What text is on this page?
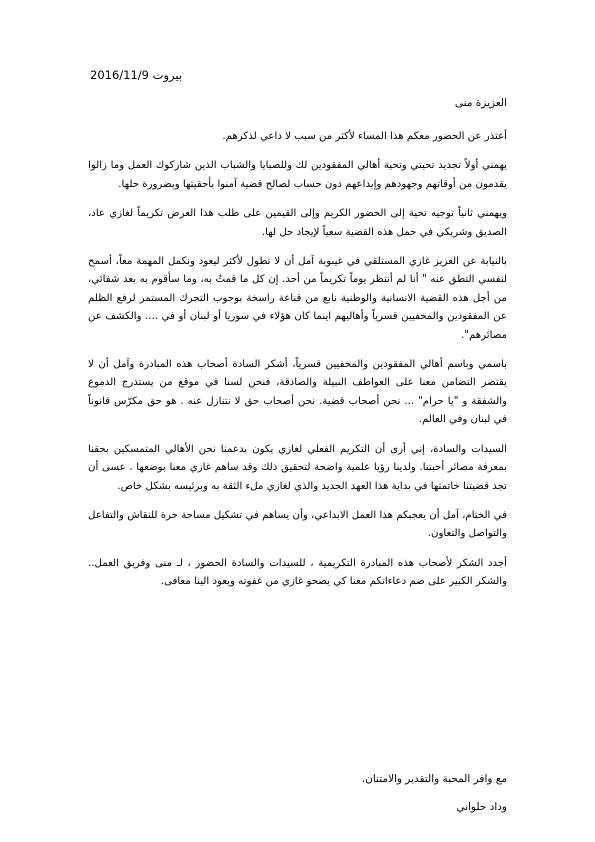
بيروت 2016/11/9
العزيزة منى

أعتذر عن الحضور معكم هذا المساء لأكثر من سبب لا داعي لذكرهم.

يهمني أولاً تجديد تحيتي وتحية أهالي المفقودين لك وللصبايا والشباب الذين شاركوك العمل وما زالوا يقدمون من أوقاتهم وجهودهم وإبداعهم دون حساب لصالح قضية آمنوا بأحقيتها وبضرورة حلها.

ويهمني ثانياً توجيه تحية إلى الحضور الكريم وإلى القيمين على طلب هذا العرض تكريماً لغازي عاد، الصديق وشريكي في حمل هذه القضية سعياً لإيجاد حل لها.

بالنيابة عن العزيز غازي المستلقي في غيبوبة آمل أن لا تطول لأكثر ليعود ونكمل المهمة معاً، أسمح لنفسي التطق عنه " أنا لم أنتظر يوماً تكريماً من أحد. إن كل ما قمتُ به، وما سأقوم به بعد شفائي، من أجل هذه القضية الانسانية والوطنية نابع من قناعة راسخة بوجوب التحرك المستمر لرفع الظلم عن المفقودين والمخفيين قسرياً وأهاليهم اينما كان هؤلاء في سوريا أو لبنان أو في .... والكشف عن مصائرهم".

باسمي وباسم أهالي المفقودين والمخفيين قسرياً، أشكر السادة أصحاب هذه المبادرة وآمل أن لا يقتصر التضامن معنا على العواطف النبيلة والصادقة، فنحن لسنا في موقع من يستدرج الدموع والشفقة و "يا حرام" ... نحن أصحاب قضية. نحن أصحاب حق لا نتنازل عنه . هو حق مكرّس قانوناً في لبنان وفي العالم.

السيدات والسادة، إني أرى أن التكريم الفعلي لغازي يكون بدعمنا نحن الأهالي المتمسكين بحقنا بمعرفة مصائر أحبتنا. ولدينا رؤيا علمية واضحة لتحقيق ذلك وقد ساهم غازي معنا بوضعها . عسى أن تجد قضيتنا خاتمتها في بداية هذا العهد الجديد والذي لغازي ملء الثقة به وبرئيسه بشكل خاص.

في الختام، آمل أن يعجبكم هذا العمل الابداعي، وأن يساهم في تشكيل مساحة حرة للنقاش والتفاعل والتواصل والتعاون.

أجدد الشكر لأصحاب هذه المبادرة التكريمية ، للسيدات والسادة الحضور ، لـ منى وفريق العمل.. والشكر الكبير على ضم دعاءاتكم معنا كي يصحو غازي من غفوته ويعود الينا معافى.

مع وافر المحبة والتقدير والامتنان.
وداد حلواني
